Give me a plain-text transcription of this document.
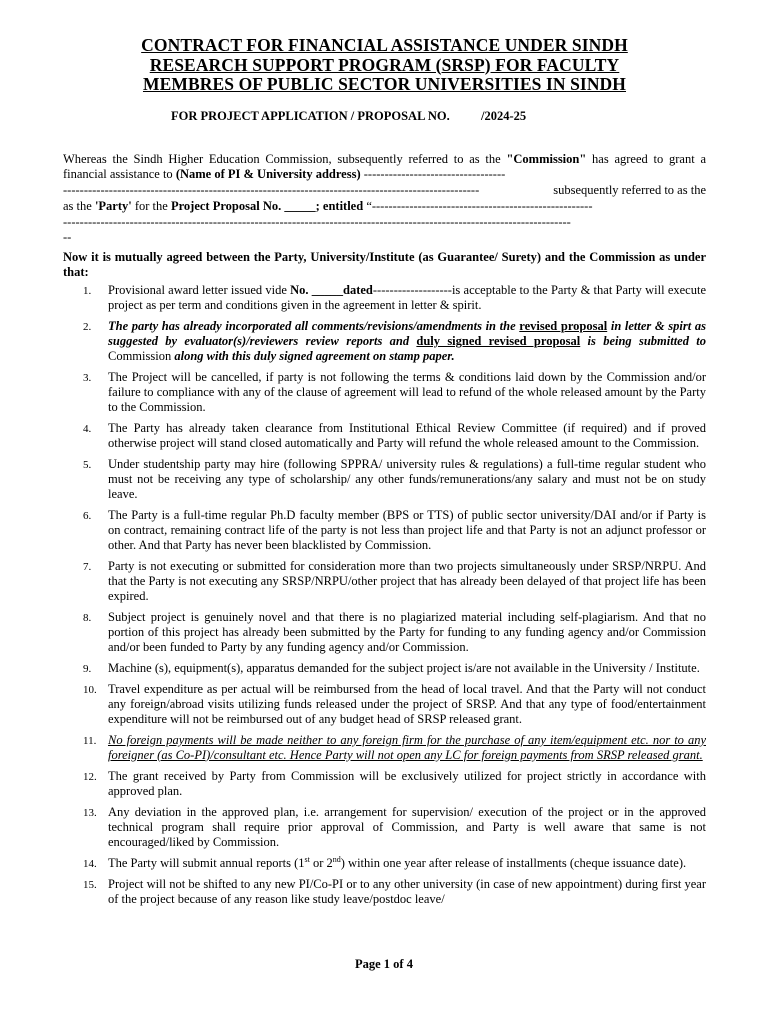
CONTRACT FOR FINANCIAL ASSISTANCE UNDER SINDH
RESEARCH SUPPORT PROGRAM (SRSP) FOR FACULTY
MEMBRES OF PUBLIC SECTOR UNIVERSITIES IN SINDH
FOR PROJECT APPLICATION / PROPOSAL NO.          /2024-25
Whereas the Sindh Higher Education Commission, subsequently referred to as the "Commission" has agreed to grant a financial assistance to (Name of PI & University address) ----------------------------------
----------------------------------------------------------------------------------------------------	subsequently referred to as the
as the 'Party' for the Project Proposal No. _____; entitled “-----------------------------------------------------
--------------------------------------------------------------------------------------------------------------------------
--
Now it is mutually agreed between the Party, University/Institute (as Guarantee/ Surety) and the Commission as under that:
1.	Provisional award letter issued vide No. _____dated-------------------is acceptable to the Party & that Party will execute project as per term and conditions given in the agreement in letter & spirit.
2.	The party has already incorporated all comments/revisions/amendments in the revised proposal in letter & spirt as suggested by evaluator(s)/reviewers review reports and duly signed revised proposal is being submitted to Commission along with this duly signed agreement on stamp paper.
3.	The Project will be cancelled, if party is not following the terms & conditions laid down by the Commission and/or failure to compliance with any of the clause of agreement will lead to refund of the whole released amount by the Party to the Commission.
4.	The Party has already taken clearance from Institutional Ethical Review Committee (if required) and if proved otherwise project will stand closed automatically and Party will refund the whole released amount to the Commission.
5.	Under studentship party may hire (following SPPRA/ university rules & regulations) a full-time regular student who must not be receiving any type of scholarship/ any other funds/remunerations/any salary and must not be on study leave.
6.	The Party is a full-time regular Ph.D faculty member (BPS or TTS) of public sector university/DAI and/or if Party is on contract, remaining contract life of the party is not less than project life and that Party is not an adjunct professor or other. And that Party has never been blacklisted by Commission.
7.	Party is not executing or submitted for consideration more than two projects simultaneously under SRSP/NRPU. And that the Party is not executing any SRSP/NRPU/other project that has already been delayed of that project life has been expired.
8.	Subject project is genuinely novel and that there is no plagiarized material including self-plagiarism. And that no portion of this project has already been submitted by the Party for funding to any funding agency and/or Commission and/or been funded to Party by any funding agency and/or Commission.
9.	Machine (s), equipment(s), apparatus demanded for the subject project is/are not available in the University / Institute.
10. Travel expenditure as per actual will be reimbursed from the head of local travel. And that the Party will not conduct any foreign/abroad visits utilizing funds released under the project of SRSP. And that any type of food/entertainment expenditure will not be reimbursed out of any budget head of SRSP released grant.
11. No foreign payments will be made neither to any foreign firm for the purchase of any item/equipment etc. nor to any foreigner (as Co-PI)/consultant etc. Hence Party will not open any LC for foreign payments from SRSP released grant.
12. The grant received by Party from Commission will be exclusively utilized for project strictly in accordance with approved plan.
13. Any deviation in the approved plan, i.e. arrangement for supervision/ execution of the project or in the approved technical program shall require prior approval of Commission, and Party is well aware that same is not encouraged/liked by Commission.
14. The Party will submit annual reports (1st or 2nd) within one year after release of installments (cheque issuance date).
15. Project will not be shifted to any new PI/Co-PI or to any other university (in case of new appointment) during first year of the project because of any reason like study leave/postdoc leave/
Page 1 of 4
